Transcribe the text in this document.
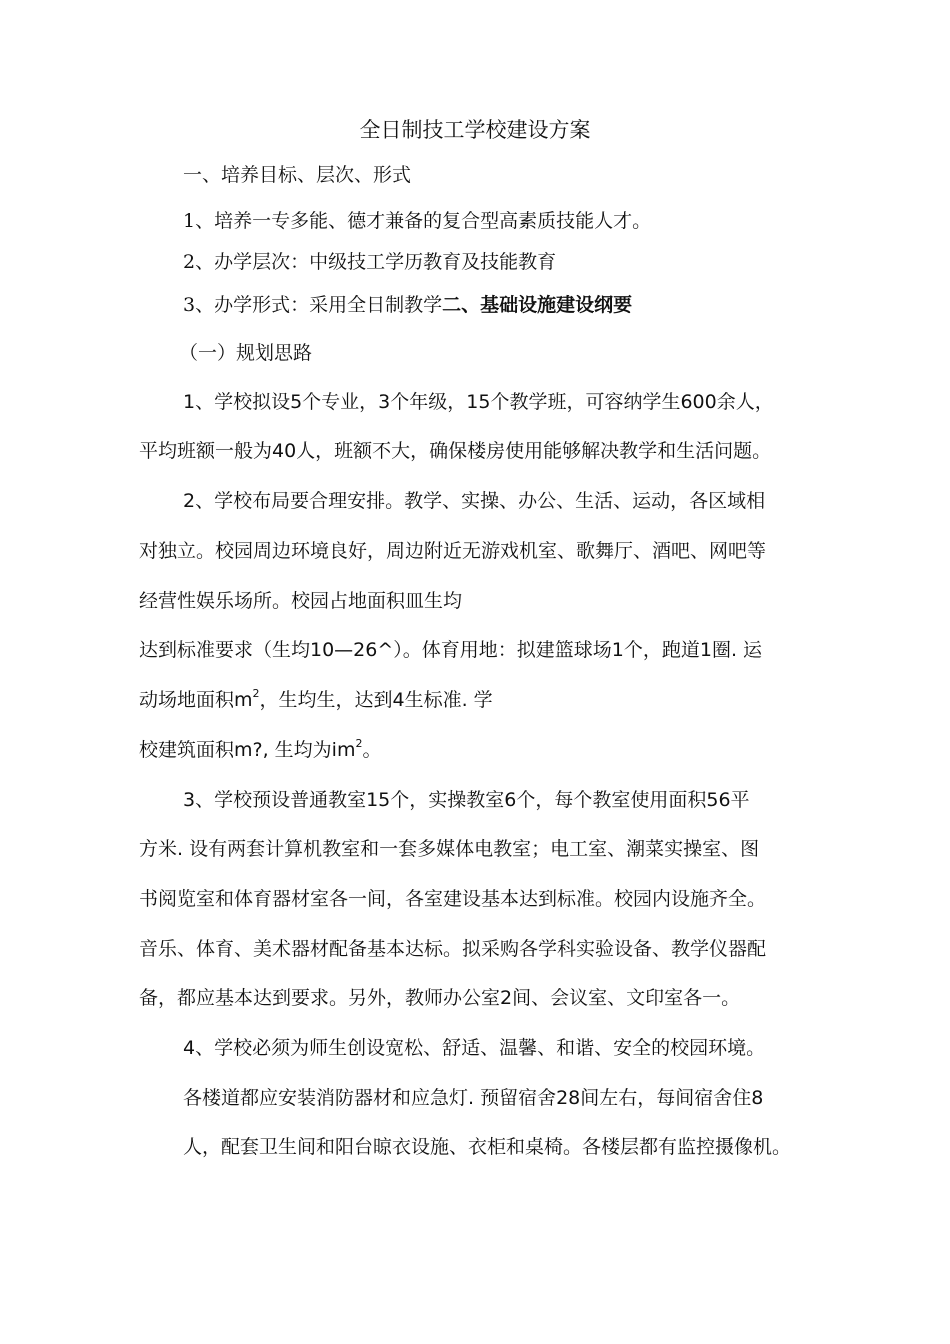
全日制技工学校建设方案
一、培养目标、层次、形式
1、培养一专多能、德才兼备的复合型高素质技能人才。
2、办学层次：中级技工学历教育及技能教育
3、办学形式：采用全日制教学二、基础设施建设纲要
（一）规划思路
1、学校拟设5个专业，3个年级，15个教学班，可容纳学生600余人，
平均班额一般为40人，班额不大，确保楼房使用能够解决教学和生活问题。
2、学校布局要合理安排。教学、实操、办公、生活、运动，各区域相
对独立。校园周边环境良好，周边附近无游戏机室、歌舞厅、酒吧、网吧等
经营性娱乐场所。校园占地面积皿生均
达到标准要求（生均10—26^）。体育用地：拟建篮球场1个，跑道1圈. 运
动场地面积$m^2$，生均生，达到4生标准. 学
校建筑面积m?, 生均为$im^2$。
3、学校预设普通教室15个，实操教室6个，每个教室使用面积56平
方米. 设有两套计算机教室和一套多媒体电教室；电工室、潮菜实操室、图
书阅览室和体育器材室各一间，各室建设基本达到标准。校园内设施齐全。
音乐、体育、美术器材配备基本达标。拟采购各学科实验设备、教学仪器配
备，都应基本达到要求。另外，教师办公室2间、会议室、文印室各一。
4、学校必须为师生创设宽松、舒适、温馨、和谐、安全的校园环境。
各楼道都应安装消防器材和应急灯. 预留宿舍28间左右，每间宿舍住8
人，配套卫生间和阳台晾衣设施、衣柜和桌椅。各楼层都有监控摄像机。
